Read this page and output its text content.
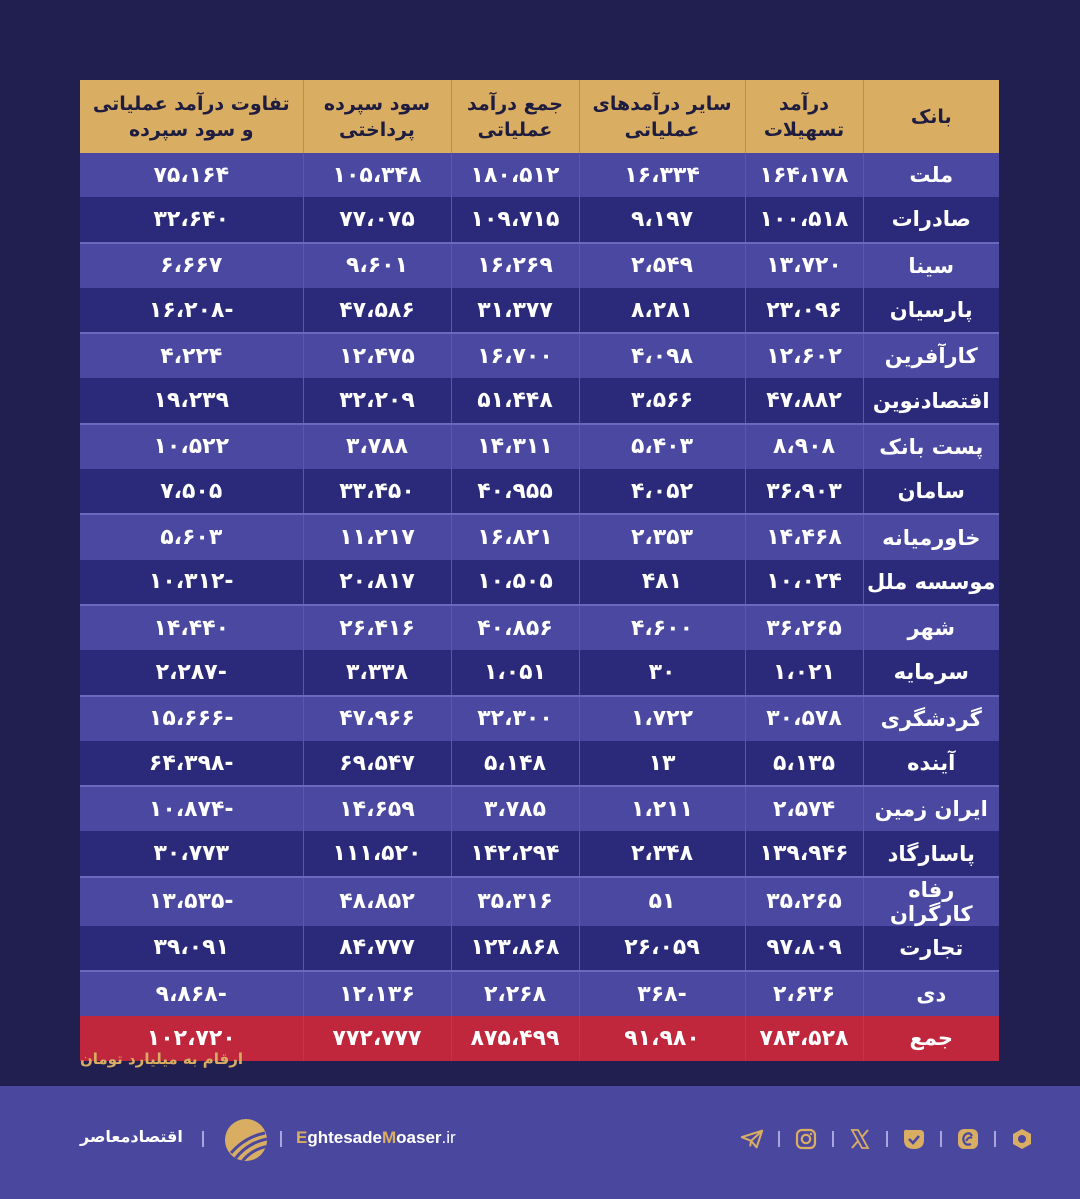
بانک	درآمد تسهیلات	سایر درآمدهای عملیاتی	جمع درآمد عملیاتی	سود سپرده پرداختی	تفاوت درآمد عملیاتی و سود سپرده
ملت	۱۶۴،۱۷۸	۱۶،۳۳۴	۱۸۰،۵۱۲	۱۰۵،۳۴۸	۷۵،۱۶۴
صادرات	۱۰۰،۵۱۸	۹،۱۹۷	۱۰۹،۷۱۵	۷۷،۰۷۵	۳۲،۶۴۰
سینا	۱۳،۷۲۰	۲،۵۴۹	۱۶،۲۶۹	۹،۶۰۱	۶،۶۶۷
پارسیان	۲۳،۰۹۶	۸،۲۸۱	۳۱،۳۷۷	۴۷،۵۸۶	-۱۶،۲۰۸
کارآفرین	۱۲،۶۰۲	۴،۰۹۸	۱۶،۷۰۰	۱۲،۴۷۵	۴،۲۲۴
اقتصادنوین	۴۷،۸۸۲	۳،۵۶۶	۵۱،۴۴۸	۳۲،۲۰۹	۱۹،۲۳۹
پست بانک	۸،۹۰۸	۵،۴۰۳	۱۴،۳۱۱	۳،۷۸۸	۱۰،۵۲۲
سامان	۳۶،۹۰۳	۴،۰۵۲	۴۰،۹۵۵	۳۳،۴۵۰	۷،۵۰۵
خاورمیانه	۱۴،۴۶۸	۲،۳۵۳	۱۶،۸۲۱	۱۱،۲۱۷	۵،۶۰۳
موسسه ملل	۱۰،۰۲۴	۴۸۱	۱۰،۵۰۵	۲۰،۸۱۷	-۱۰،۳۱۲
شهر	۳۶،۲۶۵	۴،۶۰۰	۴۰،۸۵۶	۲۶،۴۱۶	۱۴،۴۴۰
سرمایه	۱،۰۲۱	۳۰	۱،۰۵۱	۳،۳۳۸	-۲،۲۸۷
گردشگری	۳۰،۵۷۸	۱،۷۲۲	۳۲،۳۰۰	۴۷،۹۶۶	-۱۵،۶۶۶
آینده	۵،۱۳۵	۱۳	۵،۱۴۸	۶۹،۵۴۷	-۶۴،۳۹۸
ایران زمین	۲،۵۷۴	۱،۲۱۱	۳،۷۸۵	۱۴،۶۵۹	-۱۰،۸۷۴
پاسارگاد	۱۳۹،۹۴۶	۲،۳۴۸	۱۴۲،۲۹۴	۱۱۱،۵۲۰	۳۰،۷۷۳
رفاه کارگران	۳۵،۲۶۵	۵۱	۳۵،۳۱۶	۴۸،۸۵۲	-۱۳،۵۳۵
تجارت	۹۷،۸۰۹	۲۶،۰۵۹	۱۲۳،۸۶۸	۸۴،۷۷۷	۳۹،۰۹۱
دی	۲،۶۳۶	-۳۶۸	۲،۲۶۸	۱۲،۱۳۶	-۹،۸۶۸
جمع	۷۸۳،۵۲۸	۹۱،۹۸۰	۸۷۵،۴۹۹	۷۷۲،۷۷۷	۱۰۲،۷۲۰
ارقام به میلیارد تومان
اقتصادمعاصر	EghtesadeMoaser.ir
